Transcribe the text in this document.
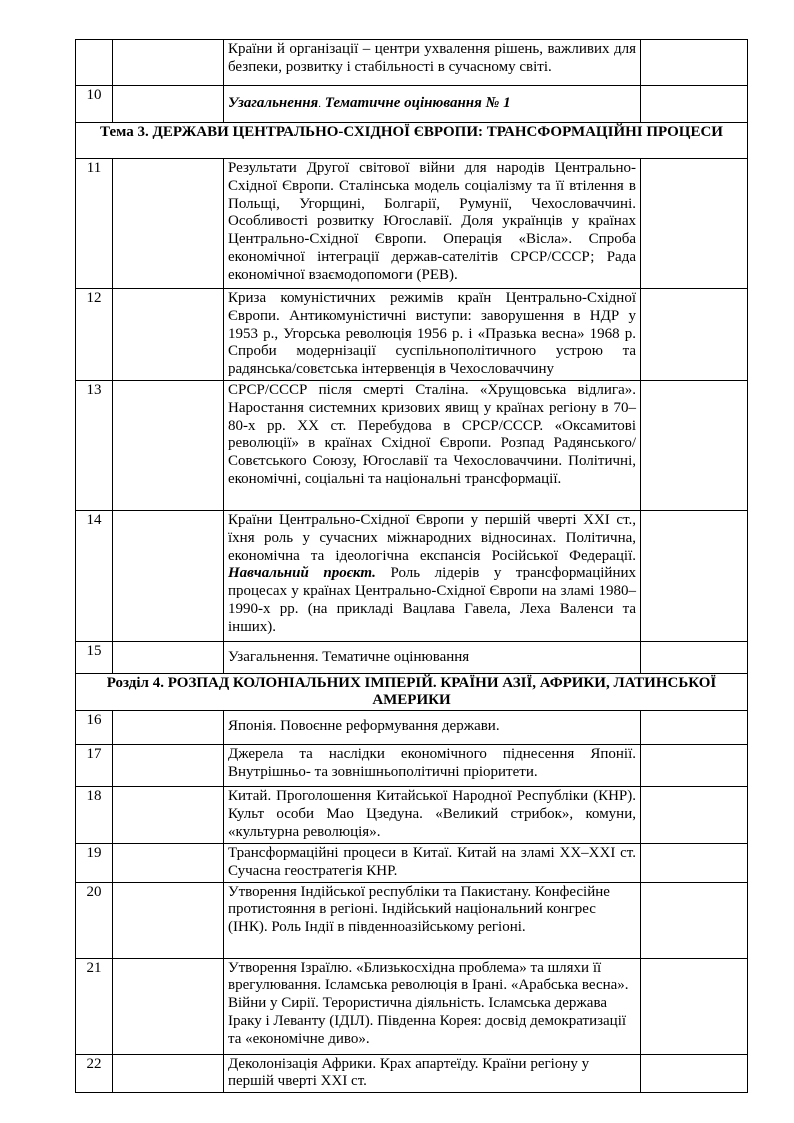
		Країни й організації – центри ухвалення рішень, важливих для безпеки, розвитку і стабільності в сучасному світі.	
10		Узагальнення. Тематичне оцінювання № 1	
Тема 3. ДЕРЖАВИ ЦЕНТРАЛЬНО-СХІДНОЇ ЄВРОПИ: ТРАНСФОРМАЦІЙНІ ПРОЦЕСИ			
11		Результати Другої світової війни для народів Центрально-Східної Європи. Сталінська модель соціалізму та її втілення в Польщі, Угорщині, Болгарії, Румунії, Чехословаччині. Особливості розвитку Югославії. Доля українців у країнах Центрально-Східної Європи. Операція «Вісла». Спроба економічної інтеграції держав-сателітів СРСР/СССР; Рада економічної взаємодопомоги (РЕВ).	
12		Криза комуністичних режимів країн Центрально-Східної Європи. Антикомуністичні виступи: заворушення в НДР у 1953 р., Угорська революція 1956 р. і «Празька весна» 1968 р. Спроби модернізації суспільнополітичного устрою та радянська/совєтська інтервенція в Чехословаччину	
13		СРСР/СССР після смерті Сталіна. «Хрущовська відлига». Наростання системних кризових явищ у країнах регіону в 70–80-х рр. ХХ ст. Перебудова в СРСР/СССР. «Оксамитові революції» в країнах Східної Європи. Розпад Радянського/Совєтського Союзу, Югославії та Чехословаччини. Політичні, економічні, соціальні та національні трансформації.	
14		Країни Центрально-Східної Європи у першій чверті ХХІ ст., їхня роль у сучасних міжнародних відносинах. Політична, економічна та ідеологічна експансія Російської Федерації. Навчальний проєкт. Роль лідерів у трансформаційних процесах у країнах Центрально-Східної Європи на зламі 1980–1990-х рр. (на прикладі Вацлава Гавела, Леха Валенси та інших).	
15		Узагальнення. Тематичне оцінювання	
Розділ 4. РОЗПАД КОЛОНІАЛЬНИХ ІМПЕРІЙ. КРАЇНИ АЗІЇ, АФРИКИ, ЛАТИНСЬКОЇ АМЕРИКИ			
16		Японія. Повоєнне реформування держави.	
17		Джерела та наслідки економічного піднесення Японії. Внутрішньо- та зовнішньополітичні пріоритети.	
18		Китай. Проголошення Китайської Народної Республіки (КНР). Культ особи Мао Цзедуна. «Великий стрибок», комуни, «культурна революція».	
19		Трансформаційні процеси в Китаї. Китай на зламі XX–XXI ст. Сучасна геостратегія КНР.	
20		Утворення Індійської республіки та Пакистану. Конфесійне протистояння в регіоні. Індійський національний конгрес (ІНК). Роль Індії в південноазійському регіоні.	
21		Утворення Ізраїлю. «Близькосхідна проблема» та шляхи її врегулювання. Ісламська революція в Ірані. «Арабська весна». Війни у Сирії. Терористична діяльність. Ісламська держава Іраку і Леванту (ІДІЛ). Південна Корея: досвід демократизації та «економічне диво».	
22		Деколонізація Африки. Крах апартеїду. Країни регіону у першій чверті ХХІ ст.	
